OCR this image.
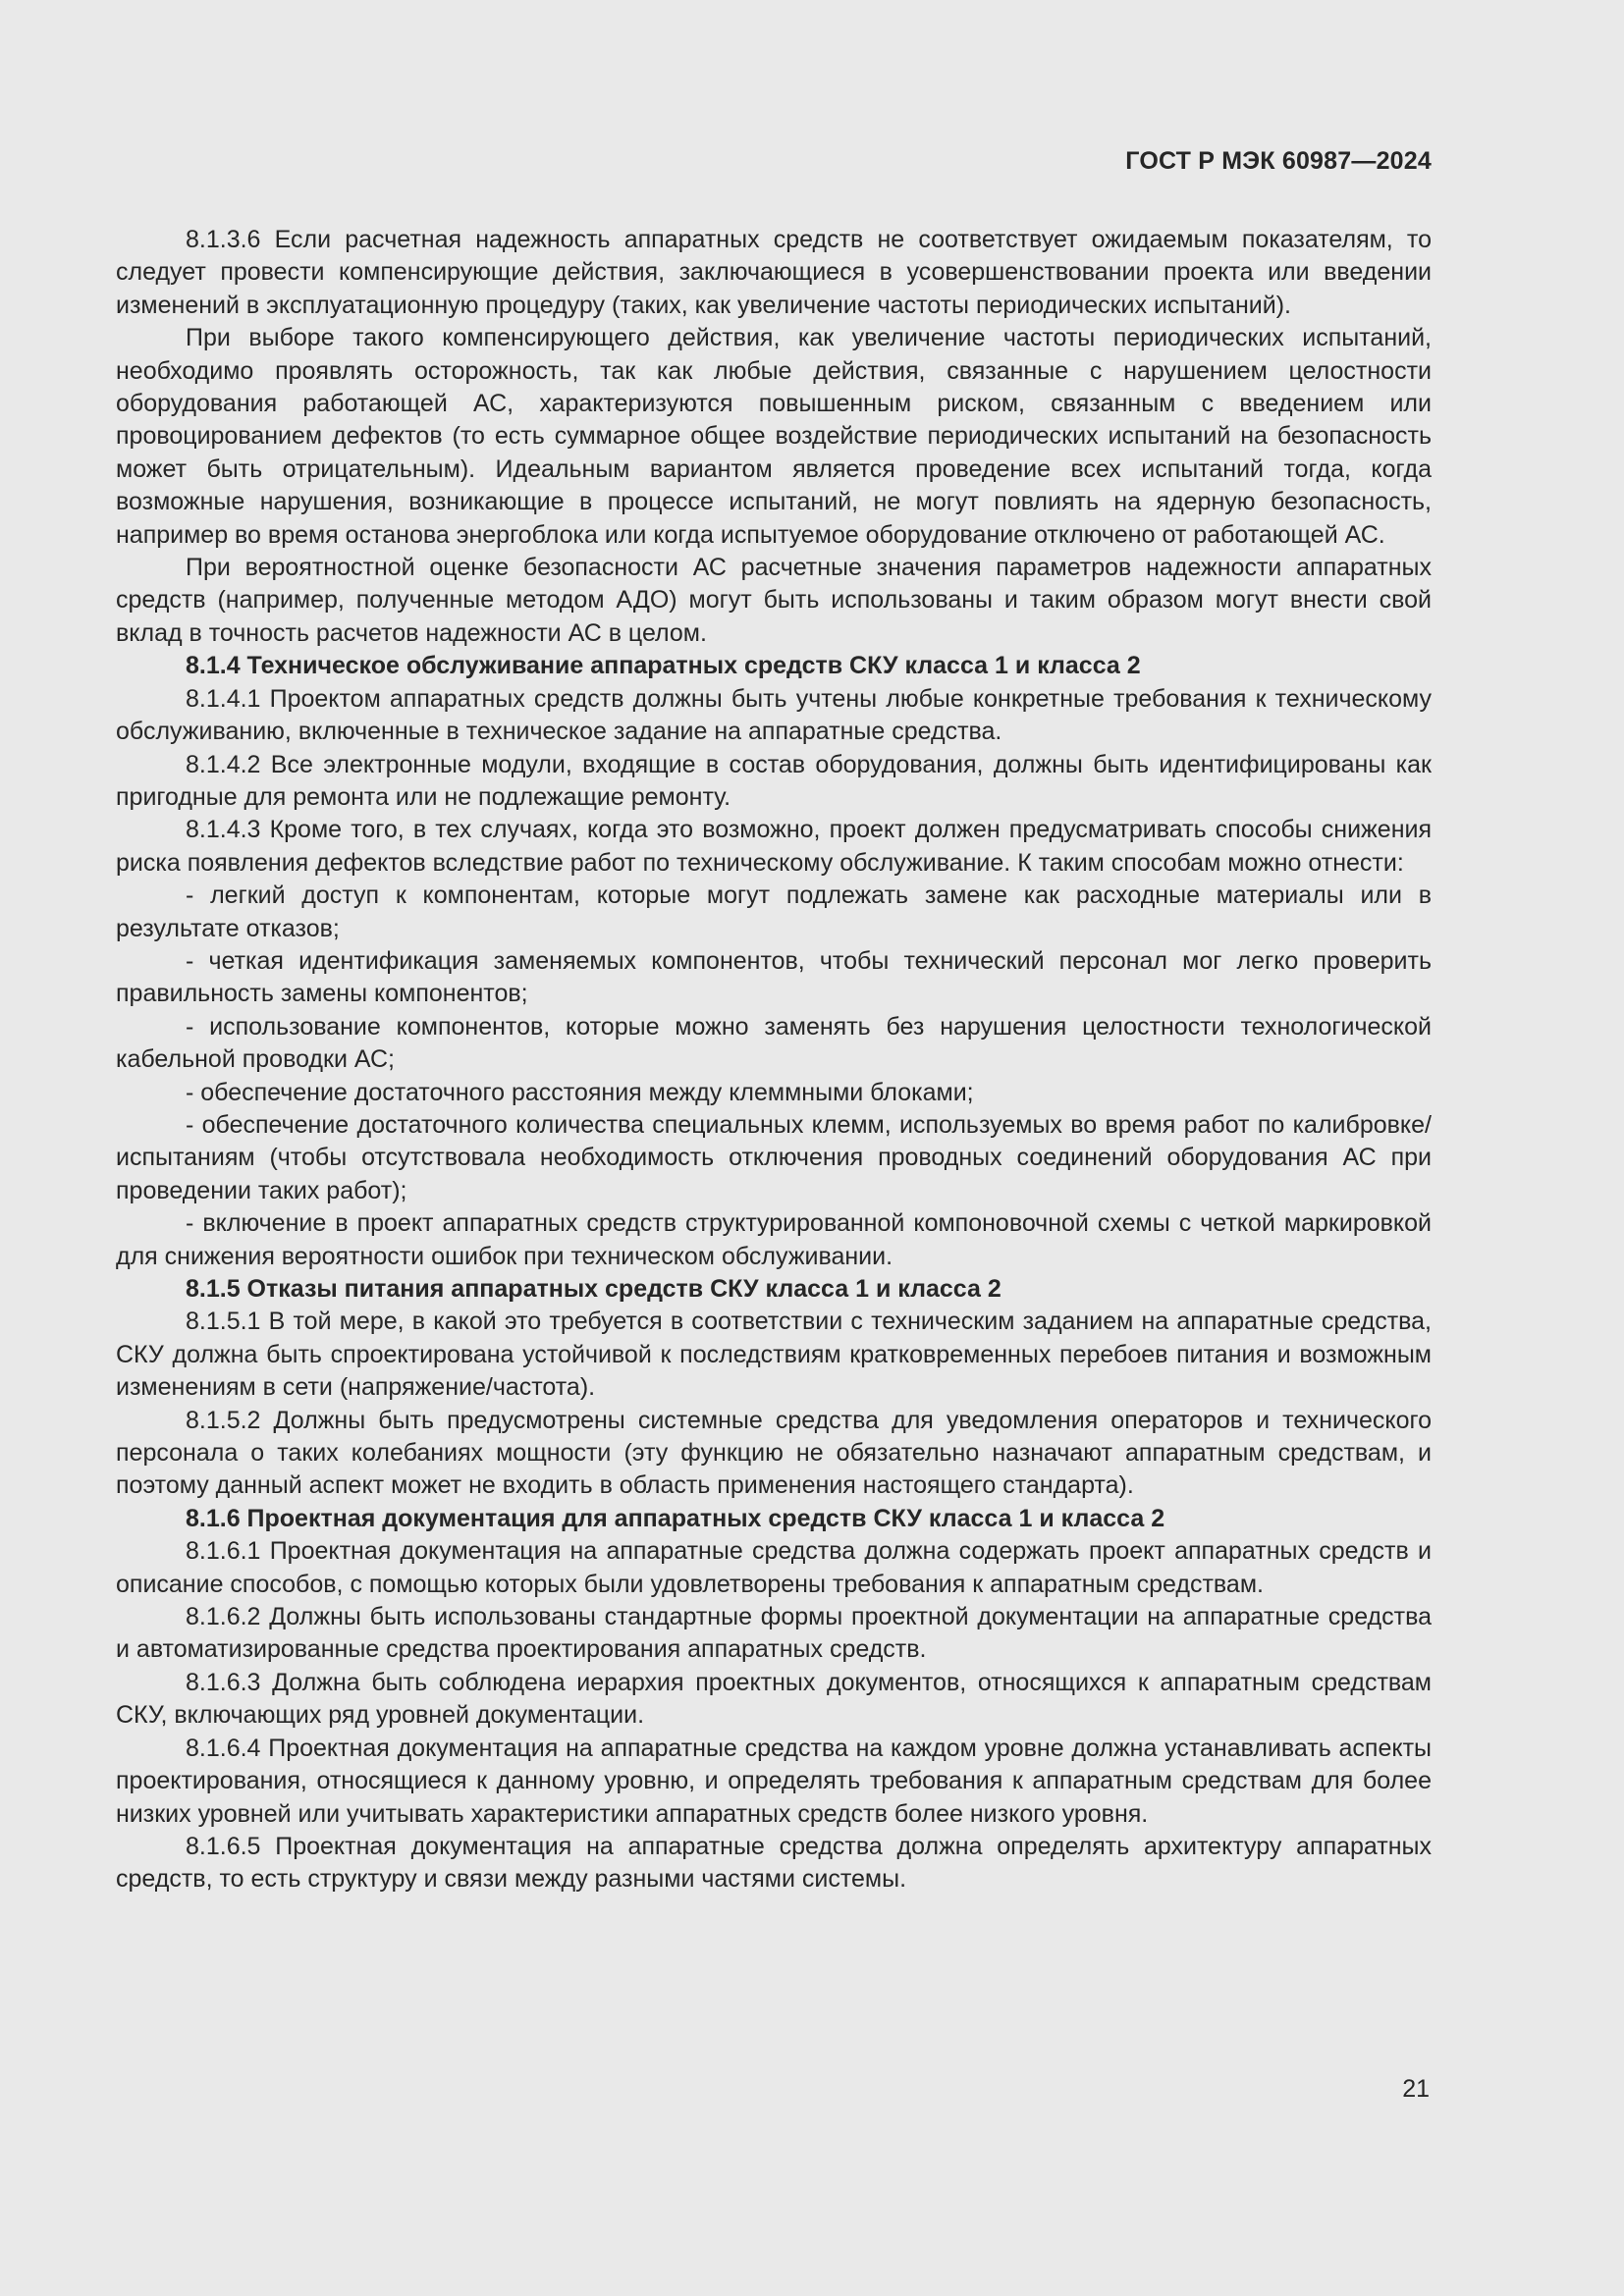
ГОСТ Р МЭК 60987—2024

8.1.3.6 Если расчетная надежность аппаратных средств не соответствует ожидаемым показателям, то следует провести компенсирующие действия, заключающиеся в усовершенствовании проекта или введении изменений в эксплуатационную процедуру (таких, как увеличение частоты периодических испытаний).

При выборе такого компенсирующего действия, как увеличение частоты периодических испытаний, необходимо проявлять осторожность, так как любые действия, связанные с нарушением целостности оборудования работающей АС, характеризуются повышенным риском, связанным с введением или провоцированием дефектов (то есть суммарное общее воздействие периодических испытаний на безопасность может быть отрицательным). Идеальным вариантом является проведение всех испытаний тогда, когда возможные нарушения, возникающие в процессе испытаний, не могут повлиять на ядерную безопасность, например во время останова энергоблока или когда испытуемое оборудование отключено от работающей АС.

При вероятностной оценке безопасности АС расчетные значения параметров надежности аппаратных средств (например, полученные методом АДО) могут быть использованы и таким образом могут внести свой вклад в точность расчетов надежности АС в целом.

8.1.4 Техническое обслуживание аппаратных средств СКУ класса 1 и класса 2

8.1.4.1 Проектом аппаратных средств должны быть учтены любые конкретные требования к техническому обслуживанию, включенные в техническое задание на аппаратные средства.

8.1.4.2 Все электронные модули, входящие в состав оборудования, должны быть идентифицированы как пригодные для ремонта или не подлежащие ремонту.

8.1.4.3 Кроме того, в тех случаях, когда это возможно, проект должен предусматривать способы снижения риска появления дефектов вследствие работ по техническому обслуживание. К таким способам можно отнести:

- легкий доступ к компонентам, которые могут подлежать замене как расходные материалы или в результате отказов;

- четкая идентификация заменяемых компонентов, чтобы технический персонал мог легко проверить правильность замены компонентов;

- использование компонентов, которые можно заменять без нарушения целостности технологической кабельной проводки АС;

- обеспечение достаточного расстояния между клеммными блоками;

- обеспечение достаточного количества специальных клемм, используемых во время работ по калибровке/испытаниям (чтобы отсутствовала необходимость отключения проводных соединений оборудования АС при проведении таких работ);

- включение в проект аппаратных средств структурированной компоновочной схемы с четкой маркировкой для снижения вероятности ошибок при техническом обслуживании.

8.1.5 Отказы питания аппаратных средств СКУ класса 1 и класса 2

8.1.5.1 В той мере, в какой это требуется в соответствии с техническим заданием на аппаратные средства, СКУ должна быть спроектирована устойчивой к последствиям кратковременных перебоев питания и возможным изменениям в сети (напряжение/частота).

8.1.5.2 Должны быть предусмотрены системные средства для уведомления операторов и технического персонала о таких колебаниях мощности (эту функцию не обязательно назначают аппаратным средствам, и поэтому данный аспект может не входить в область применения настоящего стандарта).

8.1.6 Проектная документация для аппаратных средств СКУ класса 1 и класса 2

8.1.6.1 Проектная документация на аппаратные средства должна содержать проект аппаратных средств и описание способов, с помощью которых были удовлетворены требования к аппаратным средствам.

8.1.6.2 Должны быть использованы стандартные формы проектной документации на аппаратные средства и автоматизированные средства проектирования аппаратных средств.

8.1.6.3 Должна быть соблюдена иерархия проектных документов, относящихся к аппаратным средствам СКУ, включающих ряд уровней документации.

8.1.6.4 Проектная документация на аппаратные средства на каждом уровне должна устанавливать аспекты проектирования, относящиеся к данному уровню, и определять требования к аппаратным средствам для более низких уровней или учитывать характеристики аппаратных средств более низкого уровня.

8.1.6.5 Проектная документация на аппаратные средства должна определять архитектуру аппаратных средств, то есть структуру и связи между разными частями системы.

21
